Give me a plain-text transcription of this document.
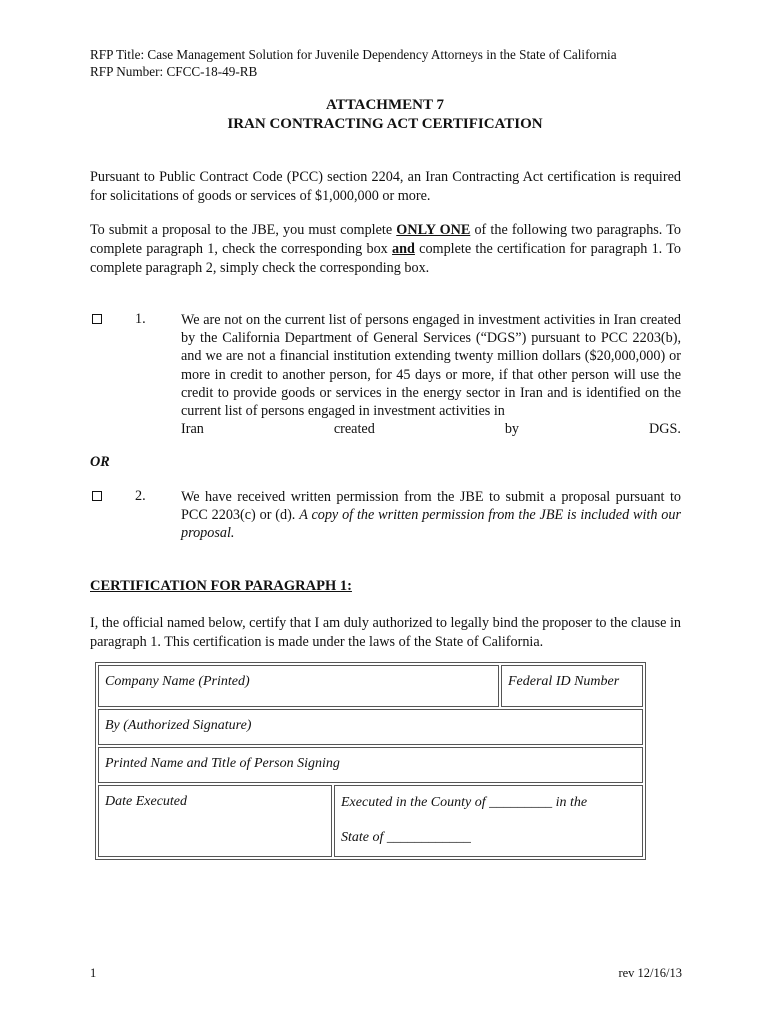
RFP Title: Case Management Solution for Juvenile Dependency Attorneys in the State of California
RFP Number: CFCC-18-49-RB
ATTACHMENT 7
IRAN CONTRACTING ACT CERTIFICATION
Pursuant to Public Contract Code (PCC) section 2204, an Iran Contracting Act certification is required for solicitations of goods or services of $1,000,000 or more.
To submit a proposal to the JBE, you must complete ONLY ONE of the following two paragraphs. To complete paragraph 1, check the corresponding box and complete the certification for paragraph 1. To complete paragraph 2, simply check the corresponding box.
1. We are not on the current list of persons engaged in investment activities in Iran created by the California Department of General Services (“DGS”) pursuant to PCC 2203(b), and we are not a financial institution extending twenty million dollars ($20,000,000) or more in credit to another person, for 45 days or more, if that other person will use the credit to provide goods or services in the energy sector in Iran and is identified on the current list of persons engaged in investment activities in
Iran	created	by	DGS.
OR
2. We have received written permission from the JBE to submit a proposal pursuant to PCC 2203(c) or (d). A copy of the written permission from the JBE is included with our proposal.
CERTIFICATION FOR PARAGRAPH 1:
I, the official named below, certify that I am duly authorized to legally bind the proposer to the clause in paragraph 1. This certification is made under the laws of the State of California.
Company Name (Printed)	Federal ID Number
By (Authorized Signature)
Printed Name and Title of Person Signing
Date Executed	Executed in the County of _________ in the
State of ____________
1	rev 12/16/13
